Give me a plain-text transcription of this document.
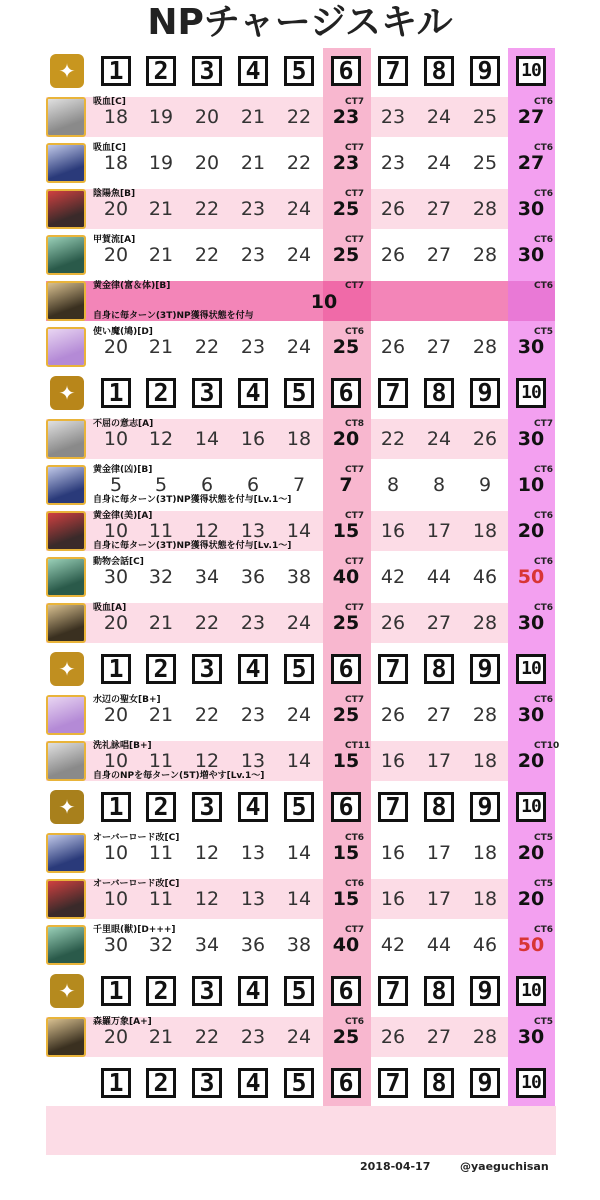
NPチャージスキル
✦	1 2 3 4 5 6 7 8 9	10
吸血[C]	CT7	CT6
18	19	20	21	22	23	23	24	25	27
吸血[C]	CT7	CT6
18	19	20	21	22	23	23	24	25	27
陰陽魚[B]	CT7	CT6
20	21	22	23	24	25	26	27	28	30
甲賀流[A]	CT7	CT6
20	21	22	23	24	25	26	27	28	30
黄金律(富＆体)[B]	CT7	CT6
10
自身に毎ターン(3T)NP獲得状態を付与
使い魔(鳩)[D]	CT6	CT5
20	21	22	23	24	25	26	27	28	30
✦	1 2 3 4 5 6 7 8 9	10
不屈の意志[A]	CT8	CT7
10	12	14	16	18	20	22	24	26	30
黄金律(凶)[B]	CT7	CT6
5	5	6	6	7	7	8	8	9	10
自身に毎ターン(3T)NP獲得状態を付与[Lv.1〜]
黄金律(美)[A]	CT7	CT6
10	11	12	13	14	15	16	17	18	20
自身に毎ターン(3T)NP獲得状態を付与[Lv.1〜]
動物会話[C]	CT7	CT6
30	32	34	36	38	40	42	44	46	50
吸血[A]	CT7	CT6
20	21	22	23	24	25	26	27	28	30
✦	1 2 3 4 5 6 7 8 9	10
水辺の聖女[B+]	CT7	CT6
20	21	22	23	24	25	26	27	28	30
洗礼詠唱[B+]	CT11	CT10
10	11	12	13	14	15	16	17	18	20
自身のNPを毎ターン(5T)増やす[Lv.1〜]
✦	1 2 3 4 5 6 7 8 9	10
オーバーロード改[C]	CT6	CT5
10	11	12	13	14	15	16	17	18	20
オーバーロード改[C]	CT6	CT5
10	11	12	13	14	15	16	17	18	20
千里眼(獣)[D+++]	CT7	CT6
30	32	34	36	38	40	42	44	46	50
✦	1 2 3 4 5 6 7 8 9	10
森羅万象[A+]	CT6	CT5
20	21	22	23	24	25	26	27	28	30
1 2 3 4 5 6 7 8 9	10
2018-04-17	@yaeguchisan
